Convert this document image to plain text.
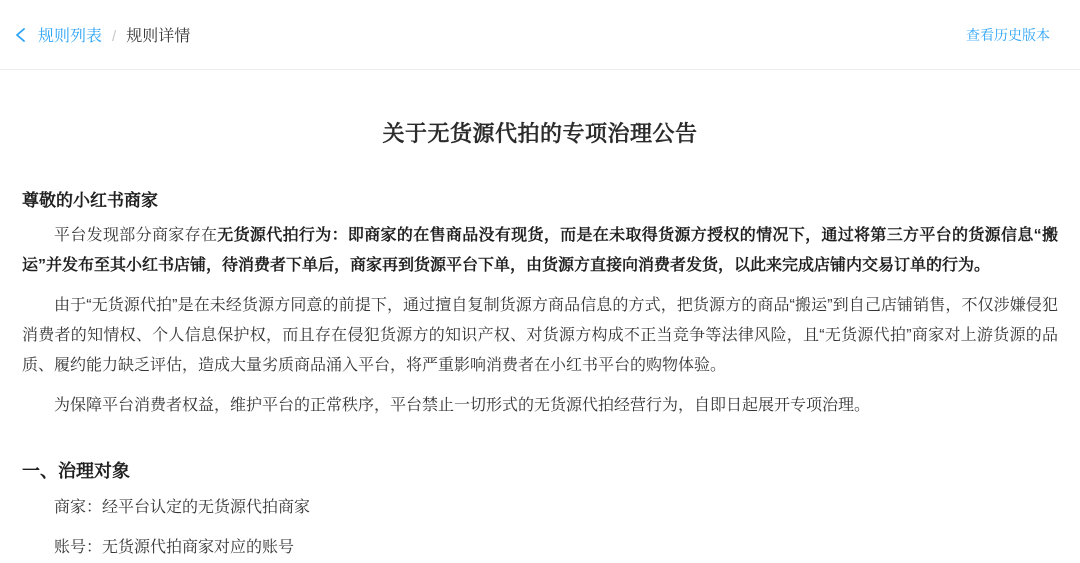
规则列表 / 规则详情	查看历史版本
关于无货源代拍的专项治理公告
尊敬的小红书商家

平台发现部分商家存在无货源代拍行为：即商家的在售商品没有现货，而是在未取得货源方授权的情况下，通过将第三方平台的货源信息“搬运”并发布至其小红书店铺，待消费者下单后，商家再到货源平台下单，由货源方直接向消费者发货，以此来完成店铺内交易订单的行为。

由于“无货源代拍”是在未经货源方同意的前提下，通过擅自复制货源方商品信息的方式，把货源方的商品“搬运”到自己店铺销售，不仅涉嫌侵犯消费者的知情权、个人信息保护权，而且存在侵犯货源方的知识产权、对货源方构成不正当竞争等法律风险，且“无货源代拍”商家对上游货源的品质、履约能力缺乏评估，造成大量劣质商品涌入平台，将严重影响消费者在小红书平台的购物体验。

为保障平台消费者权益，维护平台的正常秩序，平台禁止一切形式的无货源代拍经营行为，自即日起展开专项治理。

一、治理对象
商家：经平台认定的无货源代拍商家
账号：无货源代拍商家对应的账号
